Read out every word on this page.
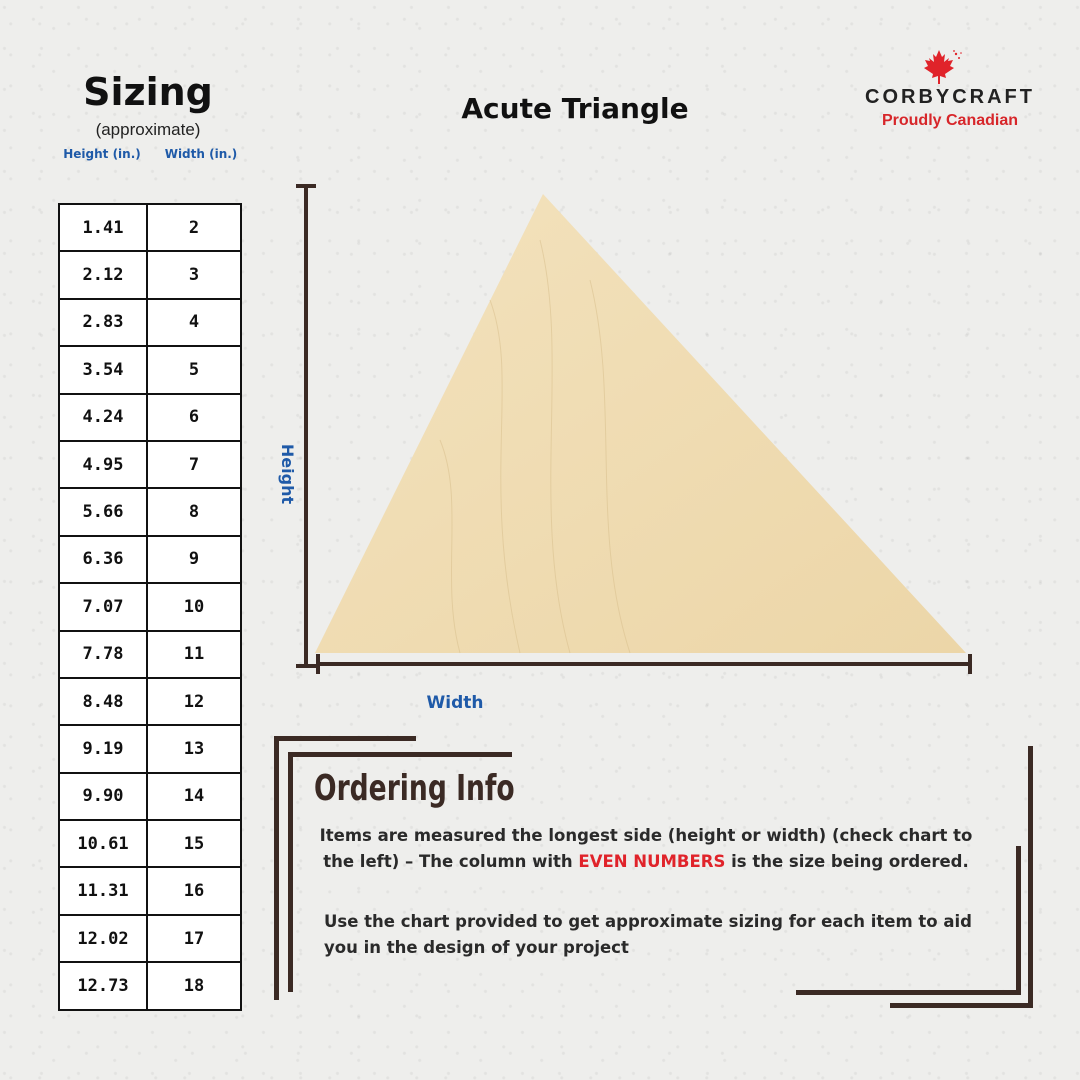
Sizing
(approximate)
Height (in.)	Width (in.)
1.41	2
2.12	3
2.83	4
3.54	5
4.24	6
4.95	7
5.66	8
6.36	9
7.07	10
7.78	11
8.48	12
9.19	13
9.90	14
10.61	15
11.31	16
12.02	17
12.73	18
Acute Triangle	CORBYCRAFT
Proudly Canadian
Height
Width
Ordering Info
Items are measured the longest side (height or width) (check chart to the left) – The column with EVEN NUMBERS is the size being ordered.
Use the chart provided to get approximate sizing for each item to aid you in the design of your project
